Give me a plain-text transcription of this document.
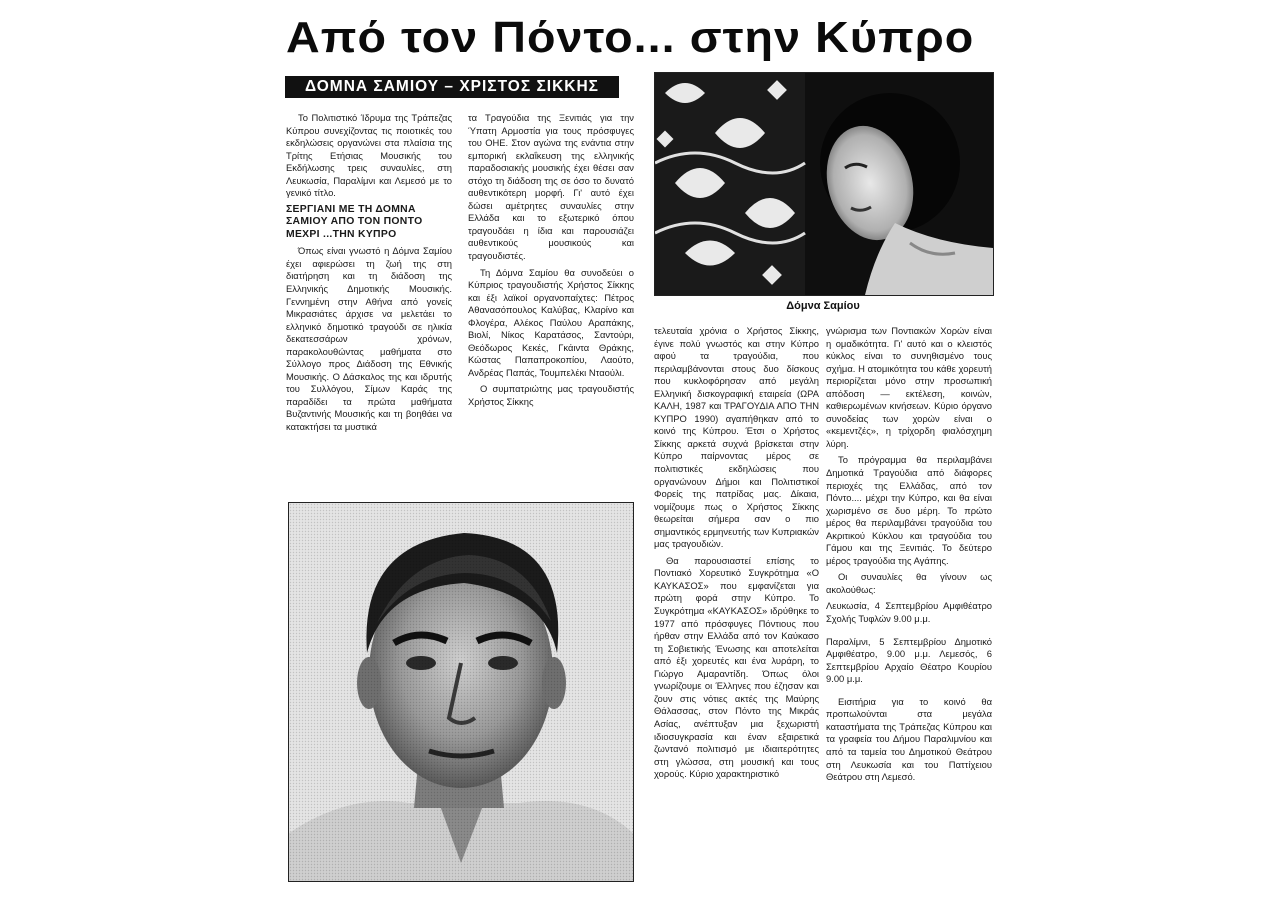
Από τον Πόντο... στην Κύπρο
ΔΟΜΝΑ ΣΑΜΙΟΥ – ΧΡΙΣΤΟΣ ΣΙΚΚΗΣ

Το Πολιτιστικό Ίδρυμα της Τράπεζας Κύπρου συνεχίζοντας τις ποιοτικές του εκδηλώσεις οργανώνει στα πλαίσια της Τρίτης Ετήσιας Μουσικής του Εκδήλωσης τρεις συναυλίες, στη Λευκωσία, Παραλίμνι και Λεμεσό με το γενικό τίτλο.

ΣΕΡΓΙΑΝΙ ΜΕ ΤΗ ΔΟΜΝΑ ΣΑΜΙΟΥ ΑΠΟ ΤΟΝ ΠΟΝΤΟ ΜΕΧΡΙ ...ΤΗΝ ΚΥΠΡΟ

Όπως είναι γνωστό η Δόμνα Σαμίου έχει αφιερώσει τη ζωή της στη διατήρηση και τη διάδοση της Ελληνικής Δημοτικής Μουσικής. Γεννημένη στην Αθήνα από γονείς Μικρασιάτες άρχισε να μελετάει το ελληνικό δημοτικό τραγούδι σε ηλικία δεκατεσσάρων χρόνων, παρακολουθώντας μαθήματα στο Σύλλογο προς Διάδοση της Εθνικής Μουσικής. Ο Δάσκαλος της και ιδρυτής του Συλλόγου, Σίμων Καράς της παραδίδει τα πρώτα μαθήματα Βυζαντινής Μουσικής και τη βοηθάει να κατακτήσει τα μυστικά

τα Τραγούδια της Ξενιτιάς για την Ύπατη Αρμοστία για τους πρόσφυγες του ΟΗΕ. Στον αγώνα της ενάντια στην εμπορική εκλαΐκευση της ελληνικής παραδοσιακής μουσικής έχει θέσει σαν στόχο τη διάδοση της σε όσο το δυνατό αυθεντικότερη μορφή. Γι' αυτό έχει δώσει αμέτρητες συναυλίες στην Ελλάδα και το εξωτερικό όπου τραγουδάει η ίδια και παρουσιάζει αυθεντικούς μουσικούς και τραγουδιστές.

Τη Δόμνα Σαμίου θα συνοδεύει ο Κύπριος τραγουδιστής Χρήστος Σίκκης και έξι λαϊκοί οργανοπαίχτες: Πέτρος Αθανασόπουλος Καλύβας, Κλαρίνο και Φλογέρα, Αλέκος Παύλου Αραπάκης, Βιολί, Νίκος Καρατάσος, Σαντούρι, Θεόδωρος Κεκές, Γκάιντα Θράκης, Κώστας Παπαπροκοπίου, Λαούτο, Ανδρέας Παπάς, Τουμπελέκι Νταούλι.

Ο συμπατριώτης μας τραγουδιστής Χρήστος Σίκκης

Δόμνα Σαμίου

τελευταία χρόνια ο Χρήστος Σίκκης, έγινε πολύ γνωστός και στην Κύπρο αφού τα τραγούδια, που περιλαμβάνονται στους δυο δίσκους που κυκλοφόρησαν από μεγάλη Ελληνική δισκογραφική εταιρεία (ΩΡΑ ΚΑΛΗ, 1987 και ΤΡΑΓΟΥΔΙΑ ΑΠΟ ΤΗΝ ΚΥΠΡΟ 1990) αγαπήθηκαν από το κοινό της Κύπρου. Έτσι ο Χρήστος Σίκκης αρκετά συχνά βρίσκεται στην Κύπρο παίρνοντας μέρος σε πολιτιστικές εκδηλώσεις που οργανώνουν Δήμοι και Πολιτιστικοί Φορείς της πατρίδας μας. Δίκαια, νομίζουμε πως ο Χρήστος Σίκκης θεωρείται σήμερα σαν ο πιο σημαντικός ερμηνευτής των Κυπριακών μας τραγουδιών.

Θα παρουσιαστεί επίσης το Ποντιακό Χορευτικό Συγκρότημα «Ο ΚΑΥΚΑΣΟΣ» που εμφανίζεται για πρώτη φορά στην Κύπρο. Το Συγκρότημα «ΚΑΥΚΑΣΟΣ» ιδρύθηκε το 1977 από πρόσφυγες Πόντιους που ήρθαν στην Ελλάδα από τον Καύκασο τη Σοβιετικής Ένωσης και αποτελείται από έξι χορευτές και ένα λυράρη, το Γιώργο Αμαραντίδη. Όπως όλοι γνωρίζουμε οι Έλληνες που έζησαν και ζουν στις νότιες ακτές της Μαύρης Θάλασσας, στον Πόντο της Μικράς Ασίας, ανέπτυξαν μια ξεχωριστή ιδιοσυγκρασία και έναν εξαιρετικά ζωντανό πολιτισμό με ιδιαιτερότητες στη γλώσσα, στη μουσική και τους χορούς. Κύριο χαρακτηριστικό

γνώρισμα των Ποντιακών Χορών είναι η ομαδικότητα. Γι' αυτό και ο κλειστός κύκλος είναι το συνηθισμένο τους σχήμα. Η ατομικότητα του κάθε χορευτή περιορίζεται μόνο στην προσωπική απόδοση — εκτέλεση, κοινών, καθιερωμένων κινήσεων. Κύριο όργανο συνοδείας των χορών είναι ο «κεμεντζές», η τρίχορδη φιαλόσχημη λύρη.

Το πρόγραμμα θα περιλαμβάνει Δημοτικά Τραγούδια από διάφορες περιοχές της Ελλάδας, από τον Πόντο.... μέχρι την Κύπρο, και θα είναι χωρισμένο σε δυο μέρη. Το πρώτο μέρος θα περιλαμβάνει τραγούδια του Ακριτικού Κύκλου και τραγούδια του Γάμου και της Ξενιτιάς. Το δεύτερο μέρος τραγούδια της Αγάπης.

Οι συναυλίες θα γίνουν ως ακολούθως:

Λευκωσία, 4 Σεπτεμβρίου Αμφιθέατρο Σχολής Τυφλών 9.00 μ.μ.

Παραλίμνι, 5 Σεπτεμβρίου Δημοτικό Αμφιθέατρο, 9.00 μ.μ. Λεμεσός, 6 Σεπτεμβρίου Αρχαίο Θέατρο Κουρίου 9.00 μ.μ.

Εισιτήρια για το κοινό θα προπωλούνται στα μεγάλα καταστήματα της Τράπεζας Κύπρου και τα γραφεία του Δήμου Παραλιμνίου και από τα ταμεία του Δημοτικού Θεάτρου στη Λευκωσία και του Παττίχειου Θεάτρου στη Λεμεσό.
